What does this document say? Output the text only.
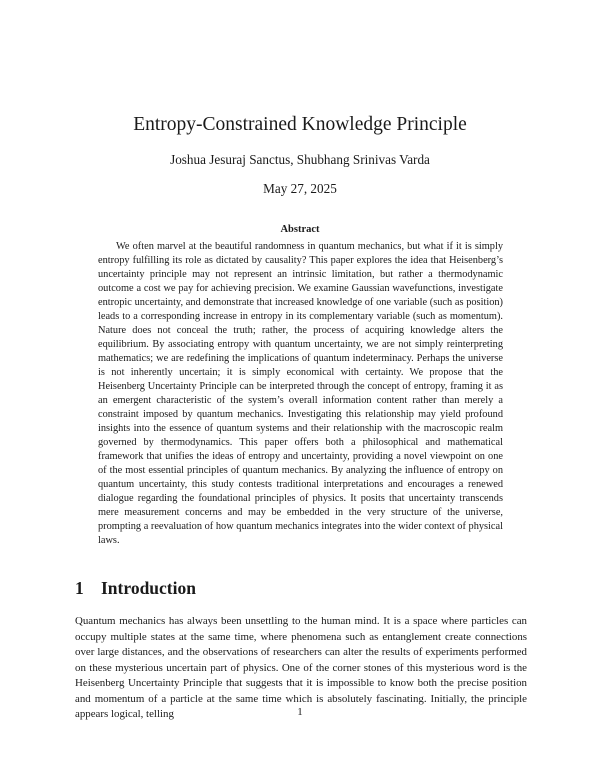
Entropy-Constrained Knowledge Principle
Joshua Jesuraj Sanctus, Shubhang Srinivas Varda
May 27, 2025
Abstract
We often marvel at the beautiful randomness in quantum mechanics, but what if it is simply entropy fulfilling its role as dictated by causality? This paper explores the idea that Heisenberg’s uncertainty principle may not represent an intrinsic limitation, but rather a thermodynamic outcome a cost we pay for achieving precision. We examine Gaussian wavefunctions, investigate entropic uncertainty, and demonstrate that increased knowledge of one variable (such as position) leads to a corresponding increase in entropy in its complementary variable (such as momentum). Nature does not conceal the truth; rather, the process of acquiring knowledge alters the equilibrium. By associating entropy with quantum uncertainty, we are not simply reinterpreting mathematics; we are redefining the implications of quantum indeterminacy. Perhaps the universe is not inherently uncertain; it is simply economical with certainty. We propose that the Heisenberg Uncertainty Principle can be interpreted through the concept of entropy, framing it as an emergent characteristic of the system’s overall information content rather than merely a constraint imposed by quantum mechanics. Investigating this relationship may yield profound insights into the essence of quantum systems and their relationship with the macroscopic realm governed by thermodynamics. This paper offers both a philosophical and mathematical framework that unifies the ideas of entropy and uncertainty, providing a novel viewpoint on one of the most essential principles of quantum mechanics. By analyzing the influence of entropy on quantum uncertainty, this study contests traditional interpretations and encourages a renewed dialogue regarding the foundational principles of physics. It posits that uncertainty transcends mere measurement concerns and may be embedded in the very structure of the universe, prompting a reevaluation of how quantum mechanics integrates into the wider context of physical laws.
1 Introduction
Quantum mechanics has always been unsettling to the human mind. It is a space where particles can occupy multiple states at the same time, where phenomena such as entanglement create connections over large distances, and the observations of researchers can alter the results of experiments performed on these mysterious uncertain part of physics. One of the corner stones of this mysterious word is the Heisenberg Uncertainty Principle that suggests that it is impossible to know both the precise position and momentum of a particle at the same time which is absolutely fascinating. Initially, the principle appears logical, telling	1
